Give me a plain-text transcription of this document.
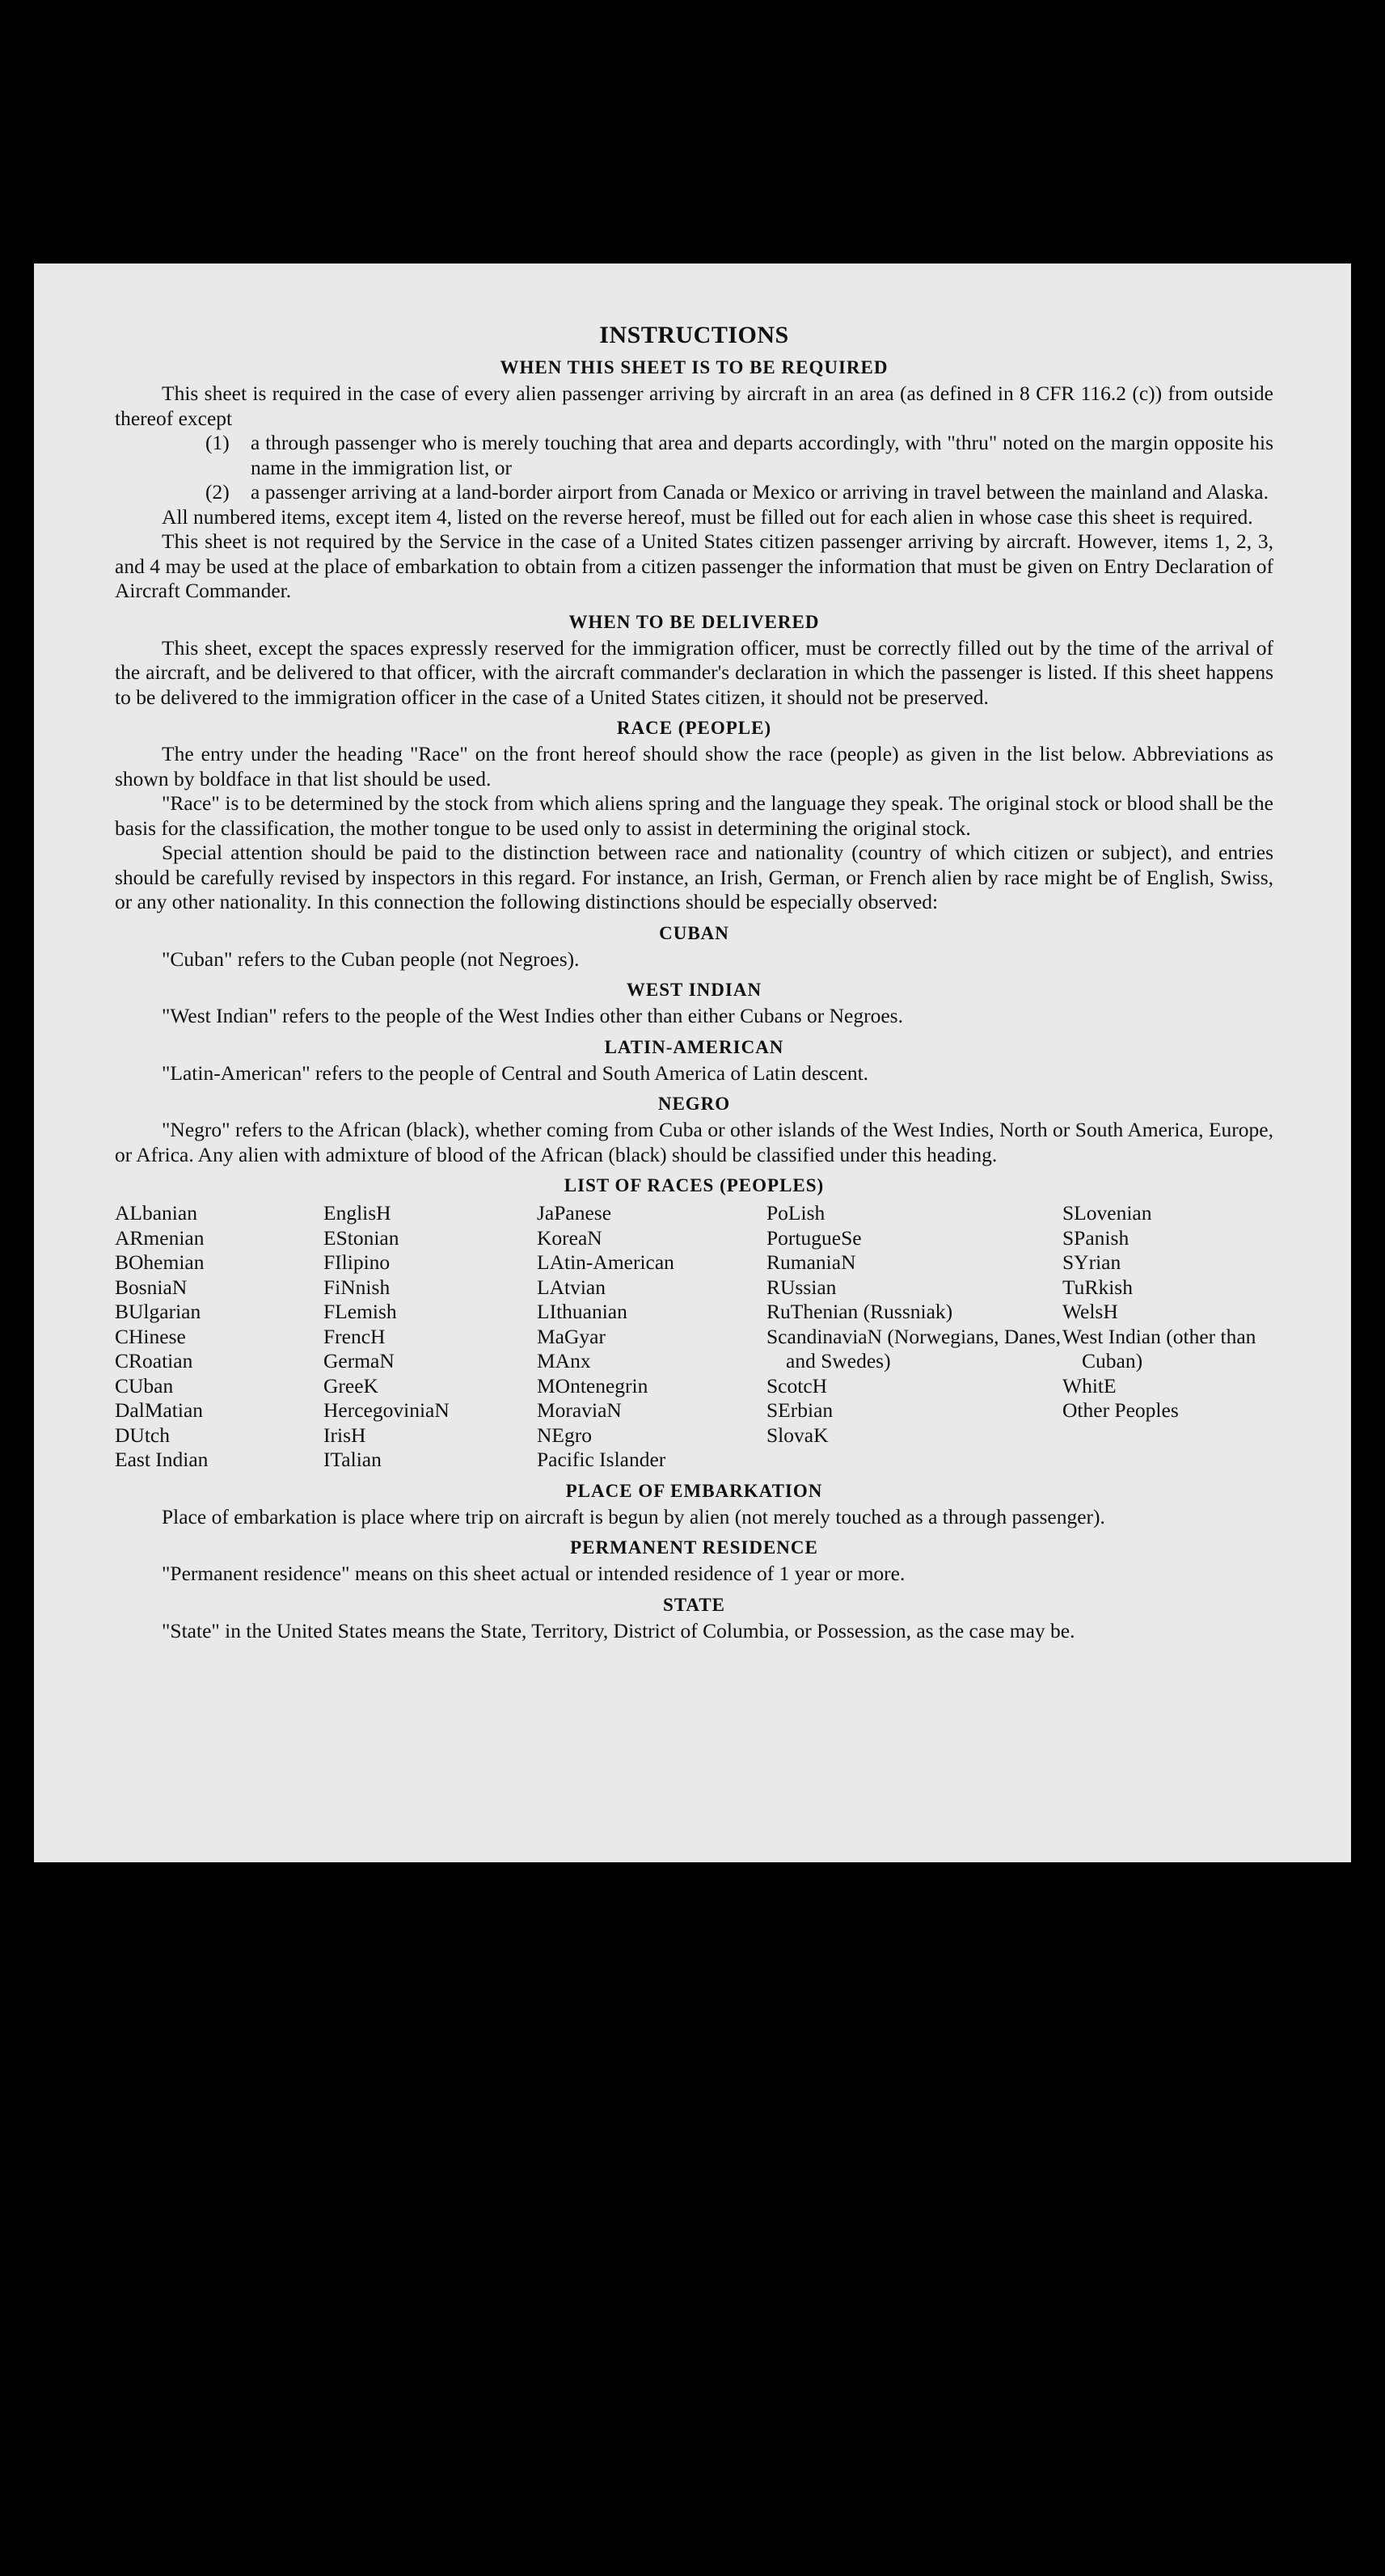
INSTRUCTIONS
WHEN THIS SHEET IS TO BE REQUIRED

This sheet is required in the case of every alien passenger arriving by aircraft in an area (as defined in 8 CFR 116.2 (c)) from outside thereof except

(1)	a through passenger who is merely touching that area and departs accordingly, with "thru" noted on the margin opposite his name in the immigration list, or
(2)	a passenger arriving at a land-border airport from Canada or Mexico or arriving in travel between the mainland and Alaska.

All numbered items, except item 4, listed on the reverse hereof, must be filled out for each alien in whose case this sheet is required.

This sheet is not required by the Service in the case of a United States citizen passenger arriving by aircraft. However, items 1, 2, 3, and 4 may be used at the place of embarkation to obtain from a citizen passenger the information that must be given on Entry Declaration of Aircraft Commander.

WHEN TO BE DELIVERED

This sheet, except the spaces expressly reserved for the immigration officer, must be correctly filled out by the time of the arrival of the aircraft, and be delivered to that officer, with the aircraft commander's declaration in which the passenger is listed. If this sheet happens to be delivered to the immigration officer in the case of a United States citizen, it should not be preserved.

RACE (PEOPLE)

The entry under the heading "Race" on the front hereof should show the race (people) as given in the list below. Abbreviations as shown by boldface in that list should be used.

"Race" is to be determined by the stock from which aliens spring and the language they speak. The original stock or blood shall be the basis for the classification, the mother tongue to be used only to assist in determining the original stock.

Special attention should be paid to the distinction between race and nationality (country of which citizen or subject), and entries should be carefully revised by inspectors in this regard. For instance, an Irish, German, or French alien by race might be of English, Swiss, or any other nationality. In this connection the following distinctions should be especially observed:

CUBAN

"Cuban" refers to the Cuban people (not Negroes).

WEST INDIAN

"West Indian" refers to the people of the West Indies other than either Cubans or Negroes.

LATIN-AMERICAN

"Latin-American" refers to the people of Central and South America of Latin descent.

NEGRO

"Negro" refers to the African (black), whether coming from Cuba or other islands of the West Indies, North or South America, Europe, or Africa. Any alien with admixture of blood of the African (black) should be classified under this heading.

LIST OF RACES (PEOPLES)
ALbanian
ARmenian
BOhemian
BosniaN
BUlgarian
CHinese
CRoatian
CUban
DalMatian
DUtch
East Indian
EnglisH
EStonian
FIlipino
FiNnish
FLemish
FrencH
GermaN
GreeK
HercegoviniaN
IrisH
ITalian
JaPanese
KoreaN
LAtin-American
LAtvian
LIthuanian
MaGyar
MAnx
MOntenegrin
MoraviaN
NEgro
Pacific Islander
PoLish
PortugueSe
RumaniaN
RUssian
RuThenian (Russniak)
ScandinaviaN (Norwegians, Danes, and Swedes)
ScotcH
SErbian
SlovaK
SLovenian
SPanish
SYrian
TuRkish
WelsH
West Indian (other than Cuban)
WhitE
Other Peoples
PLACE OF EMBARKATION

Place of embarkation is place where trip on aircraft is begun by alien (not merely touched as a through passenger).

PERMANENT RESIDENCE

"Permanent residence" means on this sheet actual or intended residence of 1 year or more.

STATE

"State" in the United States means the State, Territory, District of Columbia, or Possession, as the case may be.
